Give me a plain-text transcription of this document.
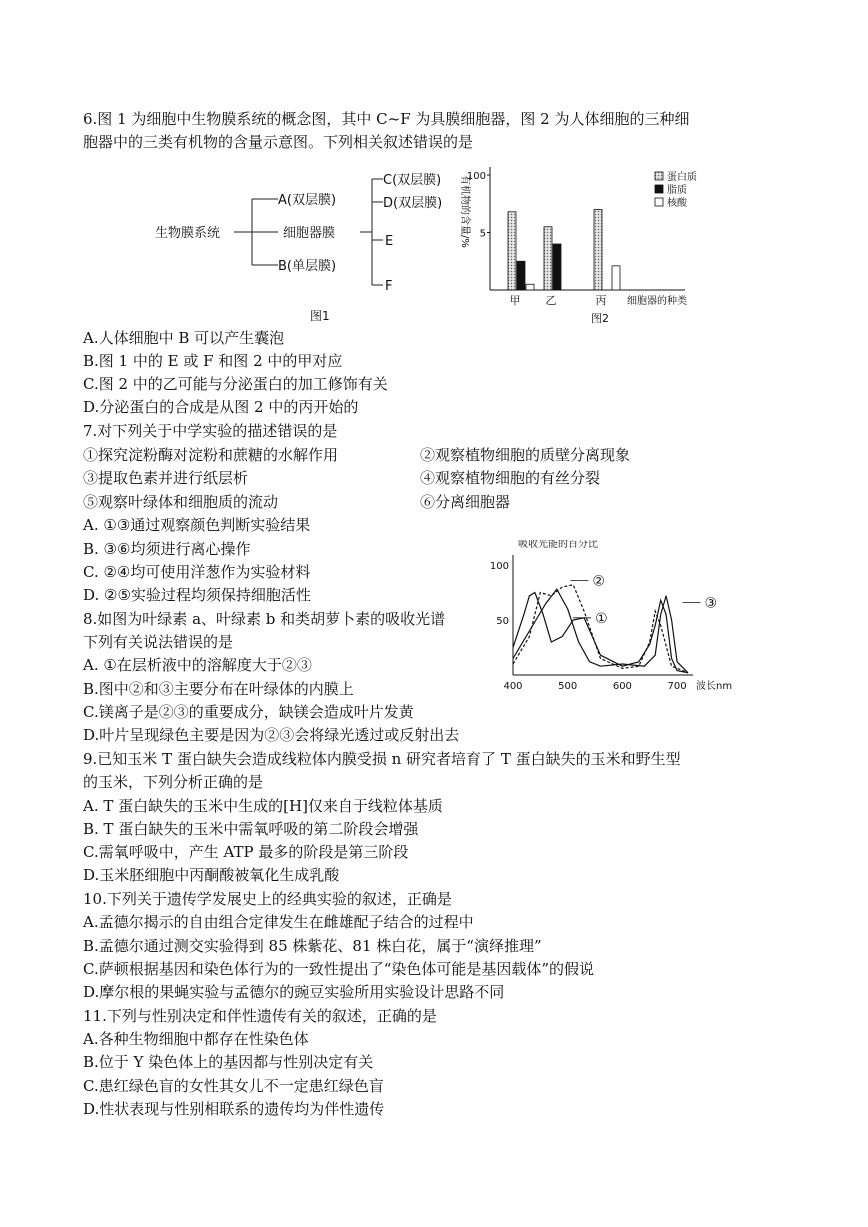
6.图 1 为细胞中生物膜系统的概念图，其中 C~F 为具膜细胞器，图 2 为人体细胞的三种细
胞器中的三类有机物的含量示意图。下列相关叙述错误的是
生物膜系统
A(双层膜)
细胞器膜
B(单层膜)
C(双层膜)
D(双层膜)
E
F
图1
有机物的含量/%
100
5
甲 乙	丙 细胞器的种类
图2
蛋白质
脂质
核酸
A.人体细胞中 B 可以产生囊泡
B.图 1 中的 E 或 F 和图 2 中的甲对应
C.图 2 中的乙可能与分泌蛋白的加工修饰有关
D.分泌蛋白的合成是从图 2 中的丙开始的
7.对下列关于中学实验的描述错误的是
①探究淀粉酶对淀粉和蔗糖的水解作用	②观察植物细胞的质壁分离现象
③提取色素并进行纸层析	④观察植物细胞的有丝分裂
⑤观察叶绿体和细胞质的流动	⑥分离细胞器
A. ①③通过观察颜色判断实验结果
B. ③⑥均须进行离心操作
C. ②④均可使用洋葱作为实验材料
D. ②⑤实验过程均须保持细胞活性
吸收光能的百分比
100
50
400	500	600	700 波长nm
①
②
③
8.如图为叶绿素 a、叶绿素 b 和类胡萝卜素的吸收光谱
下列有关说法错误的是
A. ①在层析液中的溶解度大于②③
B.图中②和③主要分布在叶绿体的内膜上
C.镁离子是②③的重要成分，缺镁会造成叶片发黄
D.叶片呈现绿色主要是因为②③会将绿光透过或反射出去
9.已知玉米 T 蛋白缺失会造成线粒体内膜受损 n 研究者培育了 T 蛋白缺失的玉米和野生型
的玉米，下列分析正确的是
A. T 蛋白缺失的玉米中生成的[H]仅来自于线粒体基质
B. T 蛋白缺失的玉米中需氧呼吸的第二阶段会增强
C.需氧呼吸中，产生 ATP 最多的阶段是第三阶段
D.玉米胚细胞中丙酮酸被氧化生成乳酸
10.下列关于遗传学发展史上的经典实验的叙述，正确是
A.孟德尔揭示的自由组合定律发生在雌雄配子结合的过程中
B.孟德尔通过测交实验得到 85 株紫花、81 株白花，属于“演绎推理”
C.萨顿根据基因和染色体行为的一致性提出了“染色体可能是基因载体”的假说
D.摩尔根的果蝇实验与孟德尔的豌豆实验所用实验设计思路不同
11.下列与性别决定和伴性遗传有关的叙述，正确的是
A.各种生物细胞中都存在性染色体
B.位于 Y 染色体上的基因都与性别决定有关
C.患红绿色盲的女性其女儿不一定患红绿色盲
D.性状表现与性别相联系的遗传均为伴性遗传
